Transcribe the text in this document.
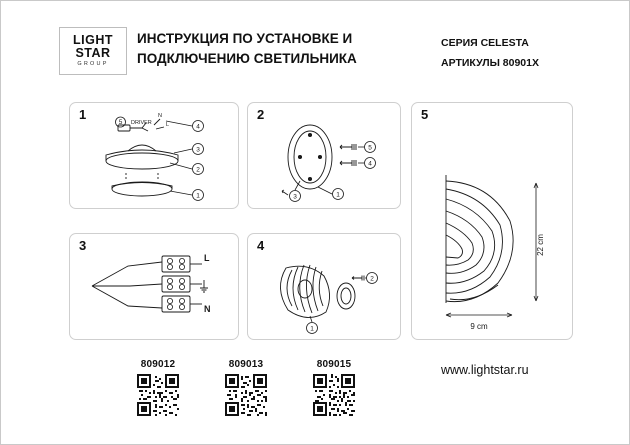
LIGHT
STAR
GROUP
ИНСТРУКЦИЯ ПО УСТАНОВКЕ И
ПОДКЛЮЧЕНИЮ СВЕТИЛЬНИКА
СЕРИЯ CELESTA
АРТИКУЛЫ 80901X
1
4
3
2
1
5 DRIVER
N
L
2
5
4
3	1
3
L
N
4
2
1
5
22 cm
9 cm
809012	809013	809015	www.lightstar.ru
